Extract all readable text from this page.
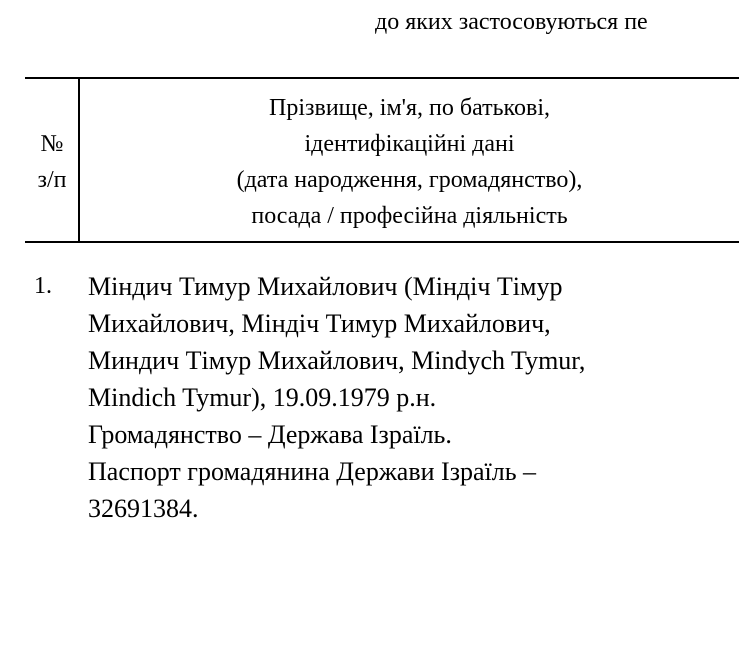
до яких застосовуються пе
№
з/п
Прізвище, ім'я, по батькові,
ідентифікаційні дані
(дата народження, громадянство),
посада / професійна діяльність
1. Міндич Тимур Михайлович (Міндіч Тімур
Михайлович, Міндіч Тимур Михайлович,
Миндич Тімур Михайлович, Mindych Tymur,
Mindich Tymur), 19.09.1979 р.н.
Громадянство – Держава Ізраїль.
Паспорт громадянина Держави Ізраїль –
32691384.
